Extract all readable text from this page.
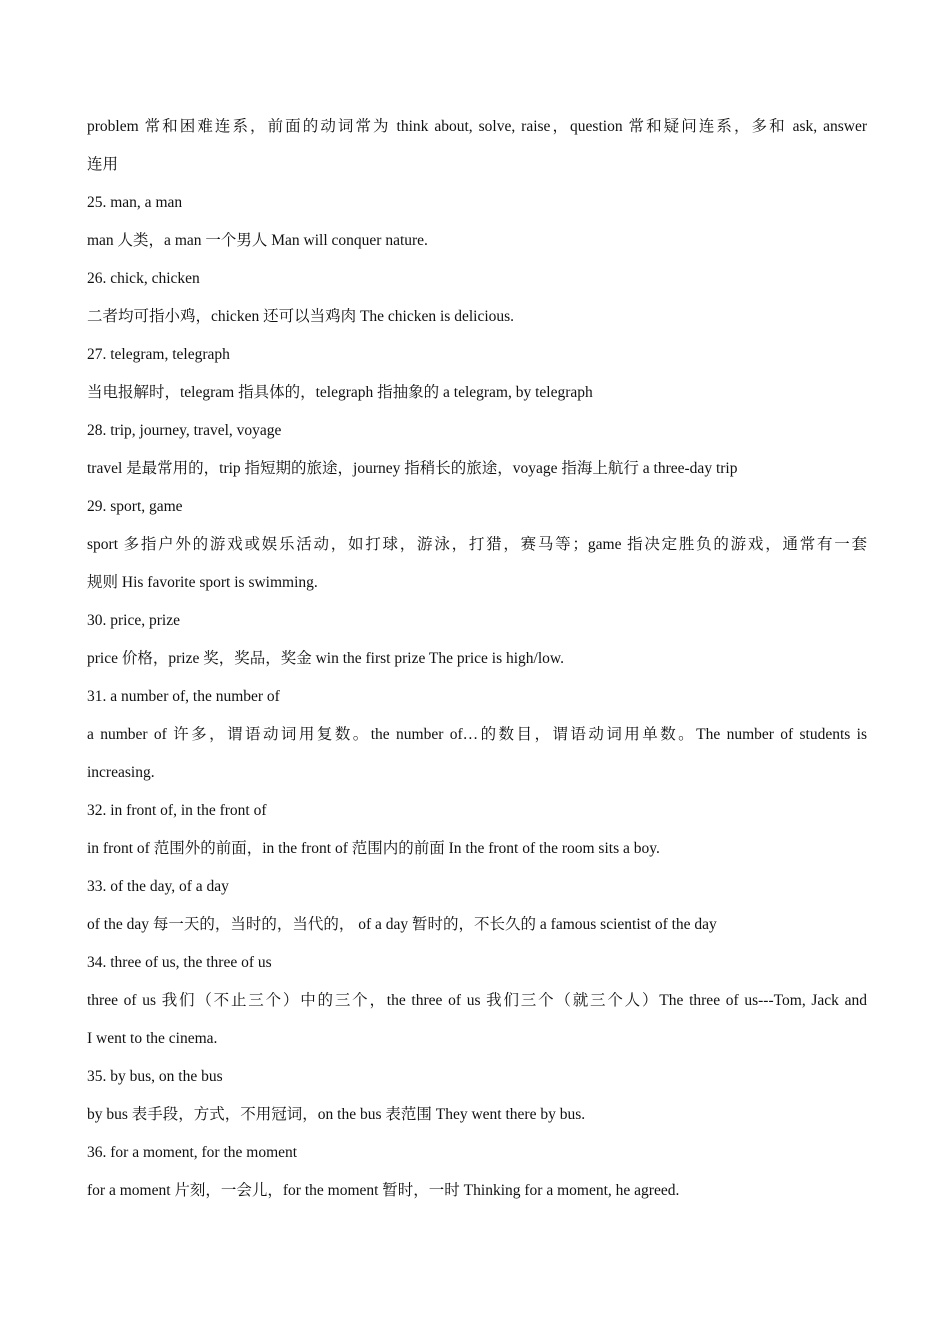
problem 常和困难连系，前面的动词常为 think about, solve, raise，question 常和疑问连系，多和 ask, answer
连用
25. man, a man
man 人类，a man 一个男人 Man will conquer nature.
26. chick, chicken
二者均可指小鸡，chicken 还可以当鸡肉 The chicken is delicious.
27. telegram, telegraph
当电报解时，telegram 指具体的，telegraph 指抽象的 a telegram, by telegraph
28. trip, journey, travel, voyage
travel 是最常用的，trip 指短期的旅途，journey 指稍长的旅途，voyage 指海上航行 a three-day trip
29. sport, game
sport 多指户外的游戏或娱乐活动，如打球，游泳，打猎，赛马等；game 指决定胜负的游戏，通常有一套
规则 His favorite sport is swimming.
30. price, prize
price 价格，prize 奖，奖品，奖金 win the first prize The price is high/low.
31. a number of, the number of
a number of 许多，谓语动词用复数。the number of…的数目，谓语动词用单数。The number of students is
increasing.
32. in front of, in the front of
in front of 范围外的前面，in the front of 范围内的前面 In the front of the room sits a boy.
33. of the day, of a day
of the day 每一天的，当时的，当代的， of a day 暂时的，不长久的 a famous scientist of the day
34. three of us, the three of us
three of us 我们（不止三个）中的三个，the three of us 我们三个（就三个人）The three of us---Tom, Jack and
I went to the cinema.
35. by bus, on the bus
by bus 表手段，方式，不用冠词，on the bus 表范围 They went there by bus.
36. for a moment, for the moment
for a moment 片刻，一会儿，for the moment 暂时，一时 Thinking for a moment, he agreed.
